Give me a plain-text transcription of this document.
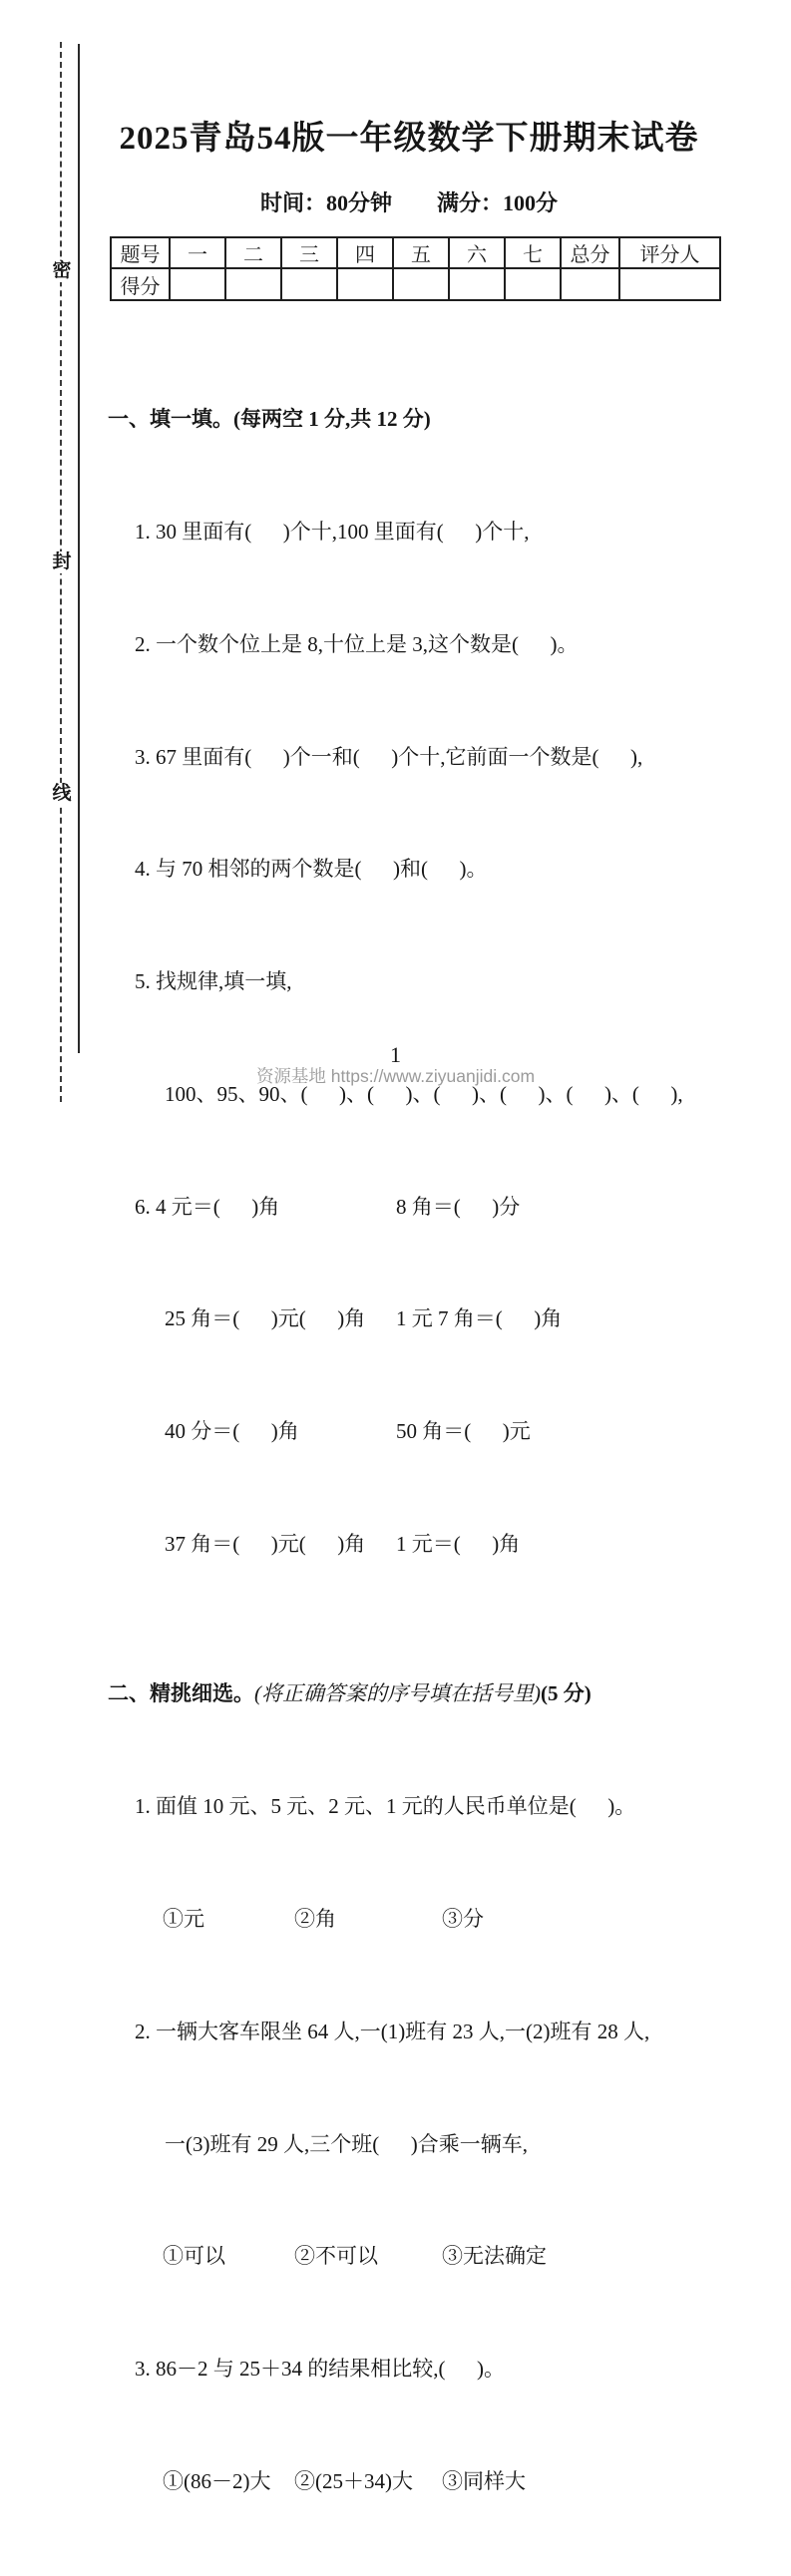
密
封
线
2025青岛54版一年级数学下册期末试卷
时间：80分钟 满分：100分
题号	一	二	三	四	五	六	七	总分	评分人
得分									

一、填一填。(每两空 1 分,共 12 分)

1. 30 里面有(      )个十,100 里面有(      )个十,

2. 一个数个位上是 8,十位上是 3,这个数是(      )。

3. 67 里面有(      )个一和(      )个十,它前面一个数是(      ),

4. 与 70 相邻的两个数是(      )和(      )。

5. 找规律,填一填,

100、95、90、(      )、(      )、(      )、(      )、(      )、(      ),

6. 4 元＝(      )角	8 角＝(      )分

25 角＝(      )元(      )角	1 元 7 角＝(      )角

40 分＝(      )角	50 角＝(      )元

37 角＝(      )元(      )角	1 元＝(      )角

二、精挑细选。(将正确答案的序号填在括号里)(5 分)

1. 面值 10 元、5 元、2 元、1 元的人民币单位是(      )。

①元	②角	③分

2. 一辆大客车限坐 64 人,一(1)班有 23 人,一(2)班有 28 人,

一(3)班有 29 人,三个班(      )合乘一辆车,

①可以	②不可以	③无法确定

3. 86－2 与 25＋34 的结果相比较,(      )。

①(86－2)大	②(25＋34)大	③同样大

1
资源基地 https://www.ziyuanjidi.com
